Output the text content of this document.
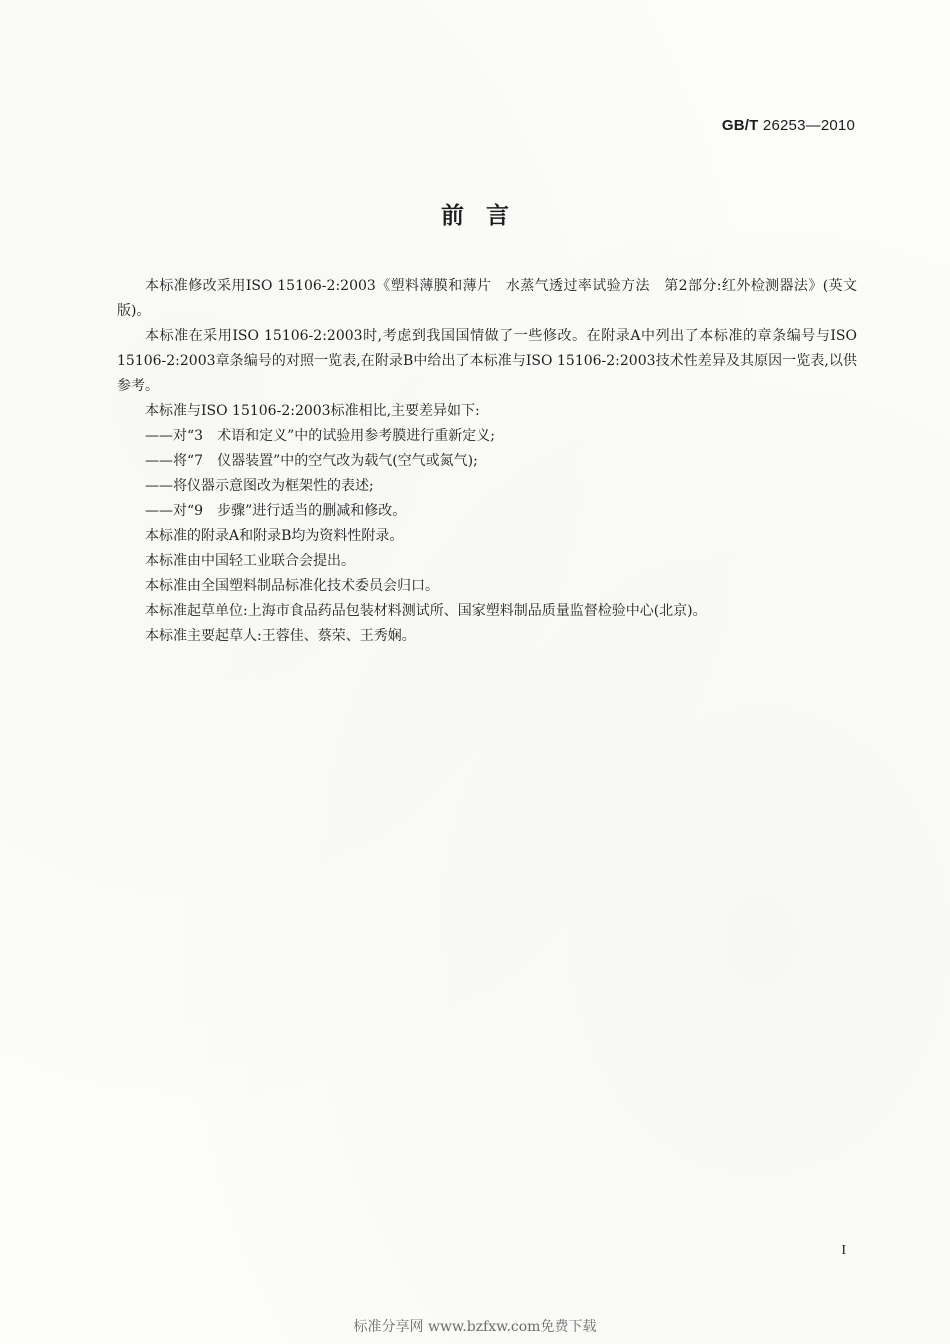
GB/T 26253—2010
前言

本标准修改采用ISO 15106-2:2003《塑料薄膜和薄片　水蒸气透过率试验方法　第2部分:红外检测器法》(英文版)。

本标准在采用ISO 15106-2:2003时,考虑到我国国情做了一些修改。在附录A中列出了本标准的章条编号与ISO 15106-2:2003章条编号的对照一览表,在附录B中给出了本标准与ISO 15106-2:2003技术性差异及其原因一览表,以供参考。

本标准与ISO 15106-2:2003标准相比,主要差异如下:

——对“3　术语和定义”中的试验用参考膜进行重新定义;

——将“7　仪器装置”中的空气改为载气(空气或氮气);

——将仪器示意图改为框架性的表述;

——对“9　步骤”进行适当的删减和修改。

本标准的附录A和附录B均为资料性附录。

本标准由中国轻工业联合会提出。

本标准由全国塑料制品标准化技术委员会归口。

本标准起草单位:上海市食品药品包装材料测试所、国家塑料制品质量监督检验中心(北京)。

本标准主要起草人:王蓉佳、蔡荣、王秀娴。

I
标准分享网 www.bzfxw.com免费下载
